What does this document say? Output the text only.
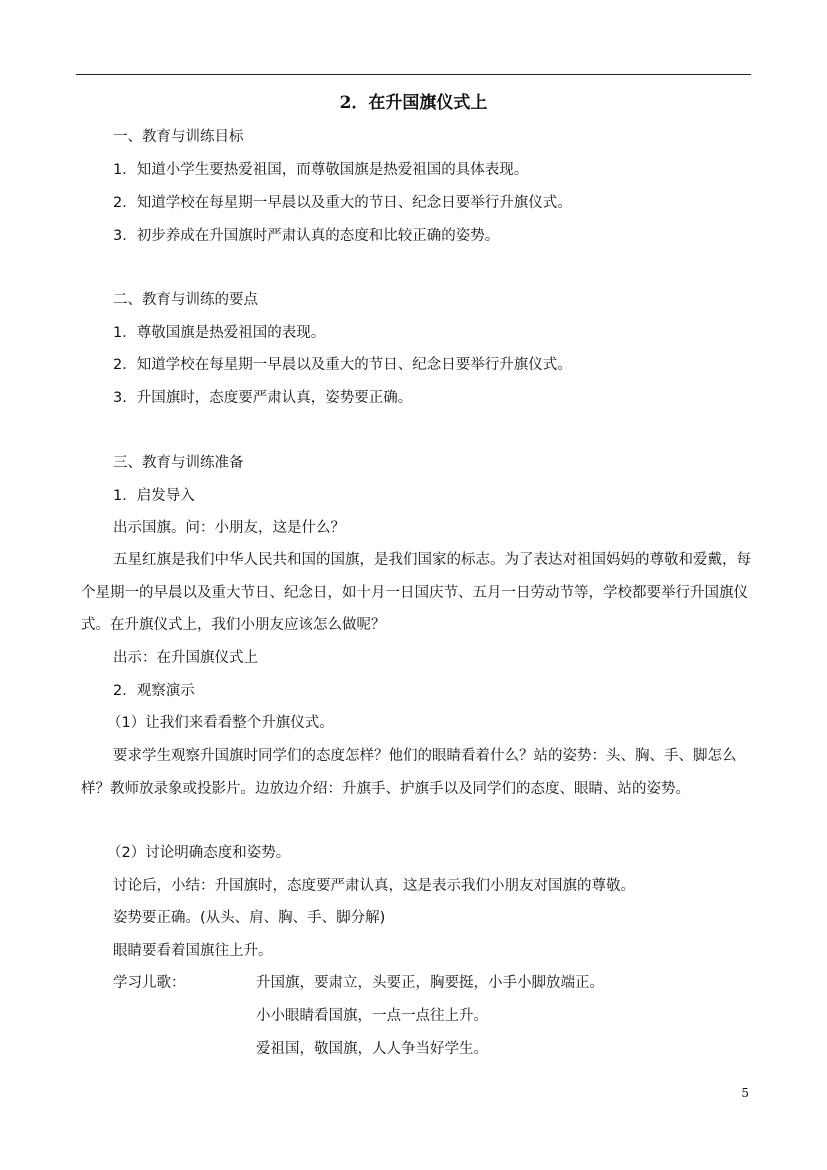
2．在升国旗仪式上
一、教育与训练目标
1．知道小学生要热爱祖国，而尊敬国旗是热爱祖国的具体表现。
2．知道学校在每星期一早晨以及重大的节日、纪念日要举行升旗仪式。
3．初步养成在升国旗时严肃认真的态度和比较正确的姿势。
二、教育与训练的要点
1．尊敬国旗是热爱祖国的表现。
2．知道学校在每星期一早晨以及重大的节日、纪念日要举行升旗仪式。
3．升国旗时，态度要严肃认真，姿势要正确。
三、教育与训练准备
1．启发导入
出示国旗。问：小朋友，这是什么？
五星红旗是我们中华人民共和国的国旗，是我们国家的标志。为了表达对祖国妈妈的尊敬和爱戴，每个星期一的早晨以及重大节日、纪念日，如十月一日国庆节、五月一日劳动节等，学校都要举行升国旗仪式。在升旗仪式上，我们小朋友应该怎么做呢？
出示：在升国旗仪式上
2．观察演示
（1）让我们来看看整个升旗仪式。
要求学生观察升国旗时同学们的态度怎样？他们的眼睛看着什么？站的姿势：头、胸、手、脚怎么样？教师放录象或投影片。边放边介绍：升旗手、护旗手以及同学们的态度、眼睛、站的姿势。
（2）讨论明确态度和姿势。
讨论后，小结：升国旗时，态度要严肃认真，这是表示我们小朋友对国旗的尊敬。
姿势要正确。(从头、肩、胸、手、脚分解)
眼睛要看着国旗往上升。
学习儿歌：	升国旗，要肃立，头要正，胸要挺，小手小脚放端正。
小小眼睛看国旗，一点一点往上升。
爱祖国，敬国旗，人人争当好学生。
5
